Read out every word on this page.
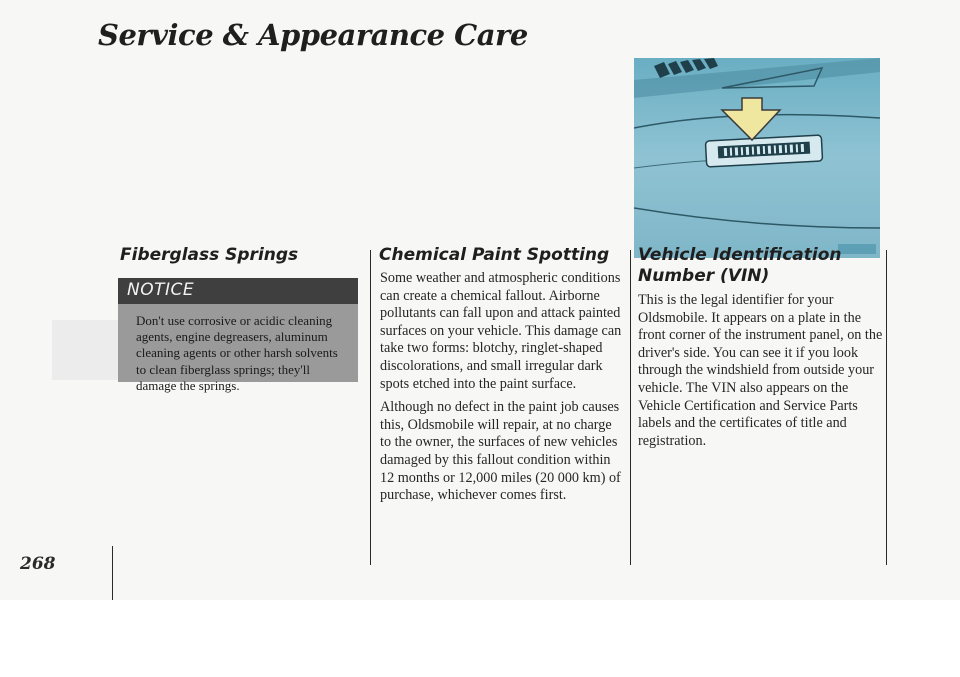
Service & Appearance Care
Fiberglass Springs
NOTICE

Don't use corrosive or acidic cleaning agents, engine degreasers, aluminum cleaning agents or other harsh solvents to clean fiberglass springs; they'll damage the springs.

Chemical Paint Spotting

Some weather and atmospheric conditions can create a chemical fallout. Airborne pollutants can fall upon and attack painted surfaces on your vehicle. This damage can take two forms: blotchy, ringlet-shaped discolorations, and small irregular dark spots etched into the paint surface.

Although no defect in the paint job causes this, Oldsmobile will repair, at no charge to the owner, the surfaces of new vehicles damaged by this fallout condition within 12 months or 12,000 miles (20 000 km) of purchase, whichever comes first.

Vehicle Identification Number (VIN)

This is the legal identifier for your Oldsmobile. It appears on a plate in the front corner of the instrument panel, on the driver's side. You can see it if you look through the windshield from outside your vehicle. The VIN also appears on the Vehicle Certification and Service Parts labels and the certificates of title and registration.

268
